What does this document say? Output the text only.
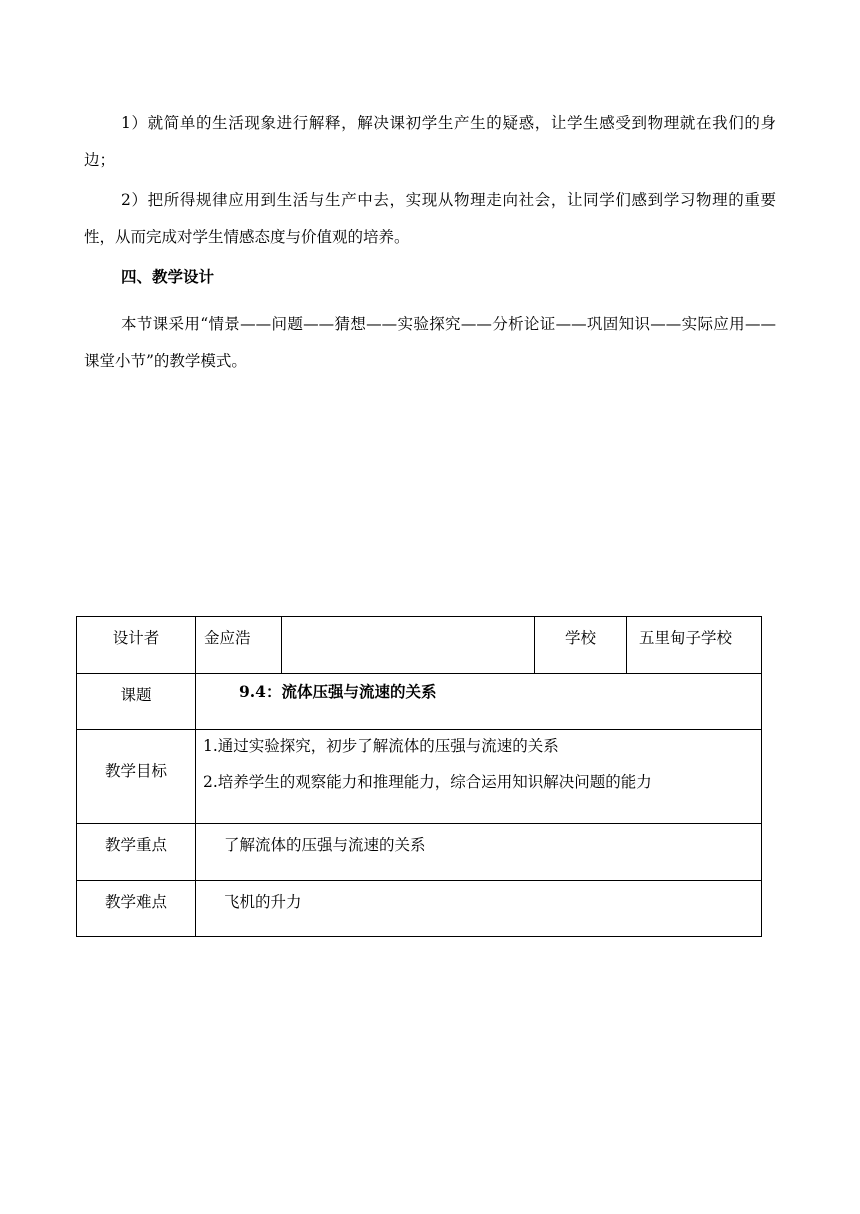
1）就简单的生活现象进行解释，解决课初学生产生的疑惑，让学生感受到物理就在我们的身边；

2）把所得规律应用到生活与生产中去，实现从物理走向社会，让同学们感到学习物理的重要性，从而完成对学生情感态度与价值观的培养。

四、教学设计

本节课采用“情景——问题——猜想——实验探究——分析论证——巩固知识——实际应用——课堂小节”的教学模式。

设计者	金应浩		学校	五里甸子学校
课题	9.4：流体压强与流速的关系			
教学目标	1.通过实验探究，初步了解流体的压强与流速的关系
2.培养学生的观察能力和推理能力，综合运用知识解决问题的能力			

教学重点	了解流体的压强与流速的关系			
教学难点	飞机的升力			
